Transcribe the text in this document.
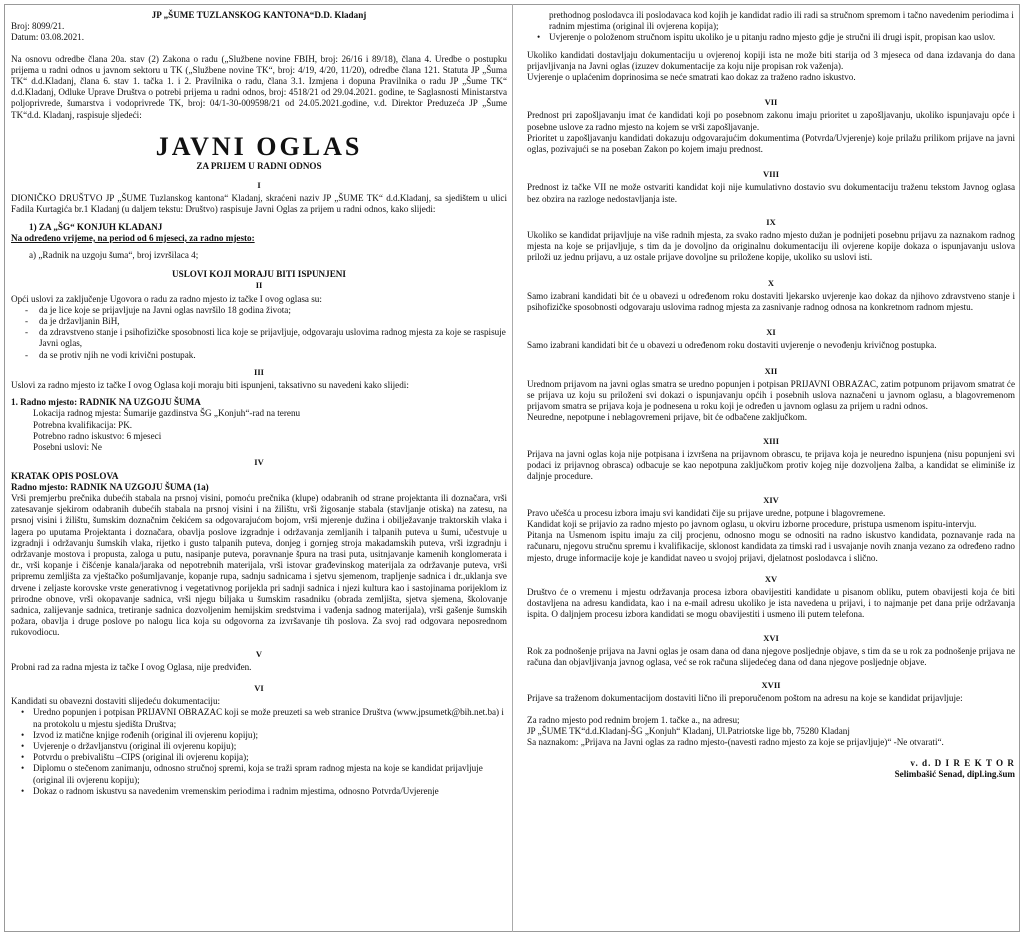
JP „ŠUME TUZLANSKOG KANTONA“D.D. Kladanj

Broj: 8099/21.

Datum: 03.08.2021.

Na osnovu odredbe člana 20a. stav (2) Zakona o radu („Službene novine FBIH, broj: 26/16 i 89/18), člana 4. Uredbe o postupku prijema u radni odnos u javnom sektoru u TK („Službene novine TK“, broj: 4/19, 4/20, 11/20), odredbe člana 121. Statuta JP „Šuma TK“ d.d.Kladanj, člana 6. stav 1. tačka 1. i 2. Pravilnika o radu, člana 3.1. Izmjena i dopuna Pravilnika o radu JP „Šume TK“ d.d.Kladanj, Odluke Uprave Društva o potrebi prijema u radni odnos, broj: 4518/21 od 29.04.2021. godine, te Saglasnosti Ministarstva poljoprivrede, šumarstva i vodoprivrede TK, broj: 04/1-30-009598/21 od 24.05.2021.godine, v.d. Direktor Preduzeća JP „Šume TK“d.d. Kladanj, raspisuje sljedeći:

JAVNI OGLAS

ZA PRIJEM U RADNI ODNOS

I

DIONIČKO DRUŠTVO JP „ŠUME Tuzlanskog kantona“ Kladanj, skraćeni naziv JP „ŠUME TK“ d.d.Kladanj, sa sjedištem u ulici Fadila Kurtagića br.1 Kladanj (u daljem tekstu: Društvo) raspisuje Javni Oglas za prijem u radni odnos, kako slijedi:

1) ZA „ŠG“ KONJUH KLADANJ

Na određeno vrijeme, na period od 6 mjeseci, za radno mjesto:

a) „Radnik na uzgoju šuma“, broj izvršilaca 4;

USLOVI KOJI MORAJU BITI ISPUNJENI

II

Opći uslovi za zaključenje Ugovora o radu za radno mjesto iz tačke I ovog oglasa su:

- da je lice koje se prijavljuje na Javni oglas navršilo 18 godina života;
- da je državljanin BiH,
- da zdravstveno stanje i psihofizičke sposobnosti lica koje se prijavljuje, odgovaraju uslovima radnog mjesta za koje se raspisuje Javni oglas,
- da se protiv njih ne vodi krivični postupak.

III

Uslovi za radno mjesto iz tačke I ovog Oglasa koji moraju biti ispunjeni, taksativno su navedeni kako slijedi:

1. Radno mjesto: RADNIK NA UZGOJU ŠUMA

Lokacija radnog mjesta: Šumarije gazdinstva ŠG „Konjuh“-rad na terenu

Potrebna kvalifikacija: PK.

Potrebno radno iskustvo: 6 mjeseci

Posebni uslovi: Ne

IV

KRATAK OPIS POSLOVA

Radno mjesto: RADNIK NA UZGOJU ŠUMA (1a)

Vrši premjerbu prečnika dubećih stabala na prsnoj visini, pomoću prečnika (klupe) odabranih od strane projektanta ili doznačara, vrši zatesavanje sjekirom odabranih dubećih stabala na prsnoj visini i na žilištu, vrši žigosanje stabala (stavljanje otiska) na zatesu, na prsnoj visini i žilištu, šumskim doznačnim čekićem sa odgovarajućom bojom, vrši mjerenje dužina i obilježavanje traktorskih vlaka i lagera po uputama Projektanta i doznačara, obavlja poslove izgradnje i održavanja zemljanih i talpanih puteva u šumi, učestvuje u izgradnji i održavanju šumskih vlaka, rijetko i gusto talpanih puteva, donjeg i gornjeg stroja makadamskih puteva, vrši izgradnju i održavanje mostova i propusta, zaloga u putu, nasipanje puteva, poravnanje špura na trasi puta, usitnjavanje kamenih konglomerata i dr., vrši kopanje i čišćenje kanala/jaraka od nepotrebnih materijala, vrši istovar građevinskog materijala za održavanje puteva, vrši pripremu zemljišta za vještačko pošumljavanje, kopanje rupa, sadnju sadnicama i sjetvu sjemenom, trapljenje sadnica i dr.,uklanja sve drvene i zeljaste korovske vrste generativnog i vegetativnog porijekla pri sadnji sadnica i njezi kultura kao i sastojinama porijeklom iz prirodne obnove, vrši okopavanje sadnica, vrši njegu biljaka u šumskim rasadniku (obrada zemljišta, sjetva sjemena, školovanje sadnica, zalijevanje sadnica, tretiranje sadnica dozvoljenim hemijskim sredstvima i vađenja sadnog materijala), vrši gašenje šumskih požara, obavlja i druge poslove po nalogu lica koja su odgovorna za izvršavanje tih poslova. Za svoj rad odgovara neposrednom rukovodiocu.

V

Probni rad za radna mjesta iz tačke I ovog Oglasa, nije predviđen.

VI

Kandidati su obavezni dostaviti slijedeću dokumentaciju:

• Uredno popunjen i potpisan PRIJAVNI OBRAZAC koji se može preuzeti sa web stranice Društva (www.jpsumetk@bih.net.ba) i na protokolu u mjestu sjedišta Društva;
• Izvod iz matične knjige rođenih (original ili ovjerenu kopiju);
• Uvjerenje o državljanstvu (original ili ovjerenu kopiju);
• Potvrdu o prebivalištu –CIPS (original ili ovjerenu kopija);
• Diplomu o stečenom zanimanju, odnosno stručnoj spremi, koja se traži spram radnog mjesta na koje se kandidat prijavljuje (original ili ovjerenu kopiju);
• Dokaz o radnom iskustvu sa navedenim vremenskim periodima i radnim mjestima, odnosno Potvrda/Uvjerenje

prethodnog poslodavca ili poslodavaca kod kojih je kandidat radio ili radi sa stručnom spremom i tačno navedenim periodima i radnim mjestima (original ili ovjerena kopija);

• Uvjerenje o položenom stručnom ispitu ukoliko je u pitanju radno mjesto gdje je stručni ili drugi ispit, propisan kao uslov.

Ukoliko kandidati dostavljaju dokumentaciju u ovjerenoj kopiji ista ne može biti starija od 3 mjeseca od dana izdavanja do dana prijavljivanja na Javni oglas (izuzev dokumentacije za koju nije propisan rok važenja).

Uvjerenje o uplaćenim doprinosima se neće smatrati kao dokaz za traženo radno iskustvo.

VII

Prednost pri zapošljavanju imat će kandidati koji po posebnom zakonu imaju prioritet u zapošljavanju, ukoliko ispunjavaju opće i posebne uslove za radno mjesto na kojem se vrši zapošljavanje.

Prioritet u zapošljavanju kandidati dokazuju odgovarajućim dokumentima (Potvrda/Uvjerenje) koje prilažu prilikom prijave na javni oglas, pozivajući se na poseban Zakon po kojem imaju prednost.

VIII

Prednost iz tačke VII ne može ostvariti kandidat koji nije kumulativno dostavio svu dokumentaciju traženu tekstom Javnog oglasa bez obzira na razloge nedostavljanja iste.

IX

Ukoliko se kandidat prijavljuje na više radnih mjesta, za svako radno mjesto dužan je podnijeti posebnu prijavu za naznakom radnog mjesta na koje se prijavljuje, s tim da je dovoljno da originalnu dokumentaciju ili ovjerene kopije dokaza o ispunjavanju uslova priloži uz jednu prijavu, a uz ostale prijave dovoljne su priložene kopije, ukoliko su uslovi isti.

X

Samo izabrani kandidati bit će u obavezi u određenom roku dostaviti ljekarsko uvjerenje kao dokaz da njihovo zdravstveno stanje i psihofizičke sposobnosti odgovaraju uslovima radnog mjesta za zasnivanje radnog odnosa na konkretnom radnom mjestu.

XI

Samo izabrani kandidati bit će u obavezi u određenom roku dostaviti uvjerenje o nevođenju krivičnog postupka.

XII

Urednom prijavom na javni oglas smatra se uredno popunjen i potpisan PRIJAVNI OBRAZAC, zatim potpunom prijavom smatrat će se prijava uz koju su priloženi svi dokazi o ispunjavanju općih i posebnih uslova naznačeni u javnom oglasu, a blagovremenom prijavom smatra se prijava koja je podnesena u roku koji je određen u javnom oglasu za prijem u radni odnos.

Neuredne, nepotpune i neblagovremeni prijave, bit će odbačene zaključkom.

XIII

Prijava na javni oglas koja nije potpisana i izvršena na prijavnom obrascu, te prijava koja je neuredno ispunjena (nisu popunjeni svi podaci iz prijavnog obrasca) odbacuje se kao nepotpuna zaključkom protiv kojeg nije dozvoljena žalba, a kandidat se eliminiše iz daljnje procedure.

XIV

Pravo učešća u procesu izbora imaju svi kandidati čije su prijave uredne, potpune i blagovremene.

Kandidat koji se prijavio za radno mjesto po javnom oglasu, u okviru izborne procedure, pristupa usmenom ispitu-intervju.

Pitanja na Usmenom ispitu imaju za cilj procjenu, odnosno mogu se odnositi na radno iskustvo kandidata, poznavanje rada na računaru, njegovu stručnu spremu i kvalifikacije, sklonost kandidata za timski rad i usvajanje novih znanja vezano za određeno radno mjesto, druge informacije koje je kandidat naveo u svojoj prijavi, djelatnost poslodavca i slično.

XV

Društvo će o vremenu i mjestu održavanja procesa izbora obavijestiti kandidate u pisanom obliku, putem obavijesti koja će biti dostavljena na adresu kandidata, kao i na e-mail adresu ukoliko je ista navedena u prijavi, i to najmanje pet dana prije održavanja ispita. O daljnjem procesu izbora kandidati se mogu obavijestiti i usmeno ili putem telefona.

XVI

Rok za podnošenje prijava na Javni oglas je osam dana od dana njegove posljednje objave, s tim da se u rok za podnošenje prijava ne računa dan objavljivanja javnog oglasa, već se rok računa slijedećeg dana od dana njegove posljednje objave.

XVII

Prijave sa traženom dokumentacijom dostaviti lično ili preporučenom poštom na adresu na koje se kandidat prijavljuje:

Za radno mjesto pod rednim brojem 1. tačke a., na adresu;

JP „ŠUME TK“d.d.Kladanj-ŠG „Konjuh“ Kladanj, Ul.Patriotske lige bb, 75280 Kladanj

Sa naznakom: „Prijava na Javni oglas za radno mjesto-(navesti radno mjesto za koje se prijavljuje)“ -Ne otvarati“.

v. d. D I R E K T O R

Selimbašić Senad, dipl.ing.šum
